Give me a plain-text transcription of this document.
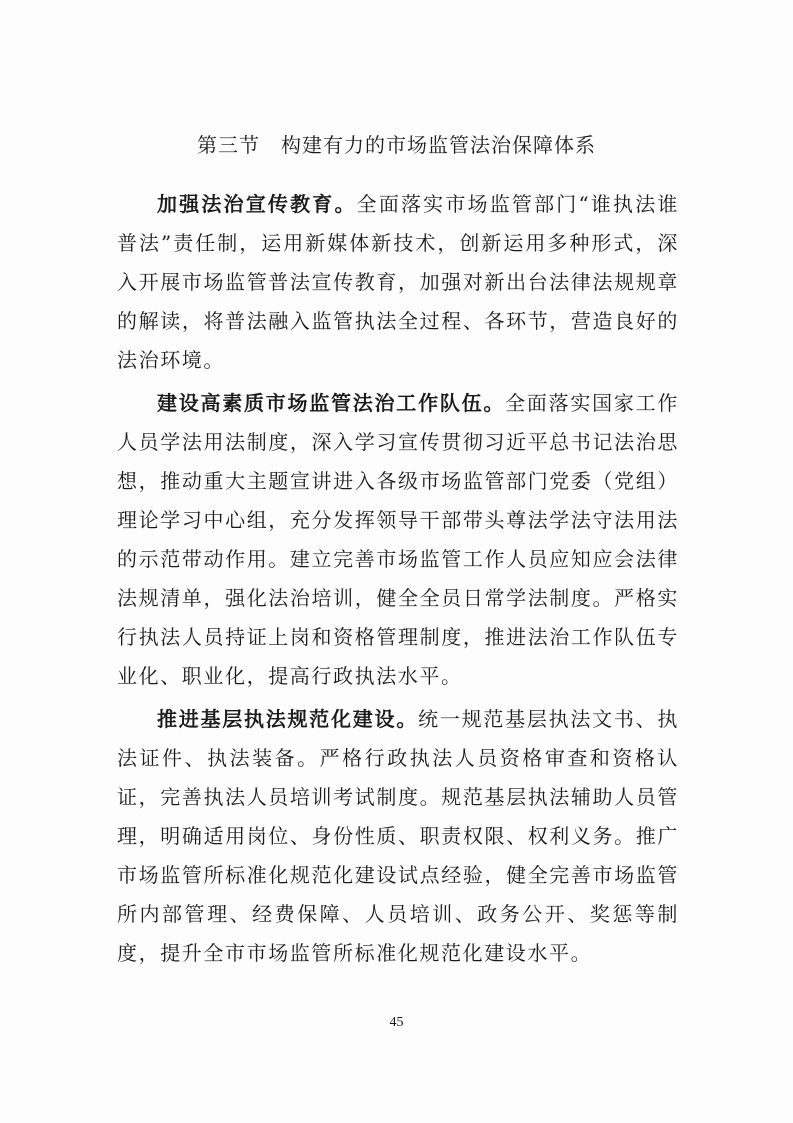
第三节　构建有力的市场监管法治保障体系

加强法治宣传教育。全面落实市场监管部门“谁执法谁普法”责任制，运用新媒体新技术，创新运用多种形式，深入开展市场监管普法宣传教育，加强对新出台法律法规规章的解读，将普法融入监管执法全过程、各环节，营造良好的法治环境。

建设高素质市场监管法治工作队伍。全面落实国家工作人员学法用法制度，深入学习宣传贯彻习近平总书记法治思想，推动重大主题宣讲进入各级市场监管部门党委（党组）理论学习中心组，充分发挥领导干部带头尊法学法守法用法的示范带动作用。建立完善市场监管工作人员应知应会法律法规清单，强化法治培训，健全全员日常学法制度。严格实行执法人员持证上岗和资格管理制度，推进法治工作队伍专业化、职业化，提高行政执法水平。

推进基层执法规范化建设。统一规范基层执法文书、执法证件、执法装备。严格行政执法人员资格审查和资格认证，完善执法人员培训考试制度。规范基层执法辅助人员管理，明确适用岗位、身份性质、职责权限、权利义务。推广市场监管所标准化规范化建设试点经验，健全完善市场监管所内部管理、经费保障、人员培训、政务公开、奖惩等制度，提升全市市场监管所标准化规范化建设水平。

45
